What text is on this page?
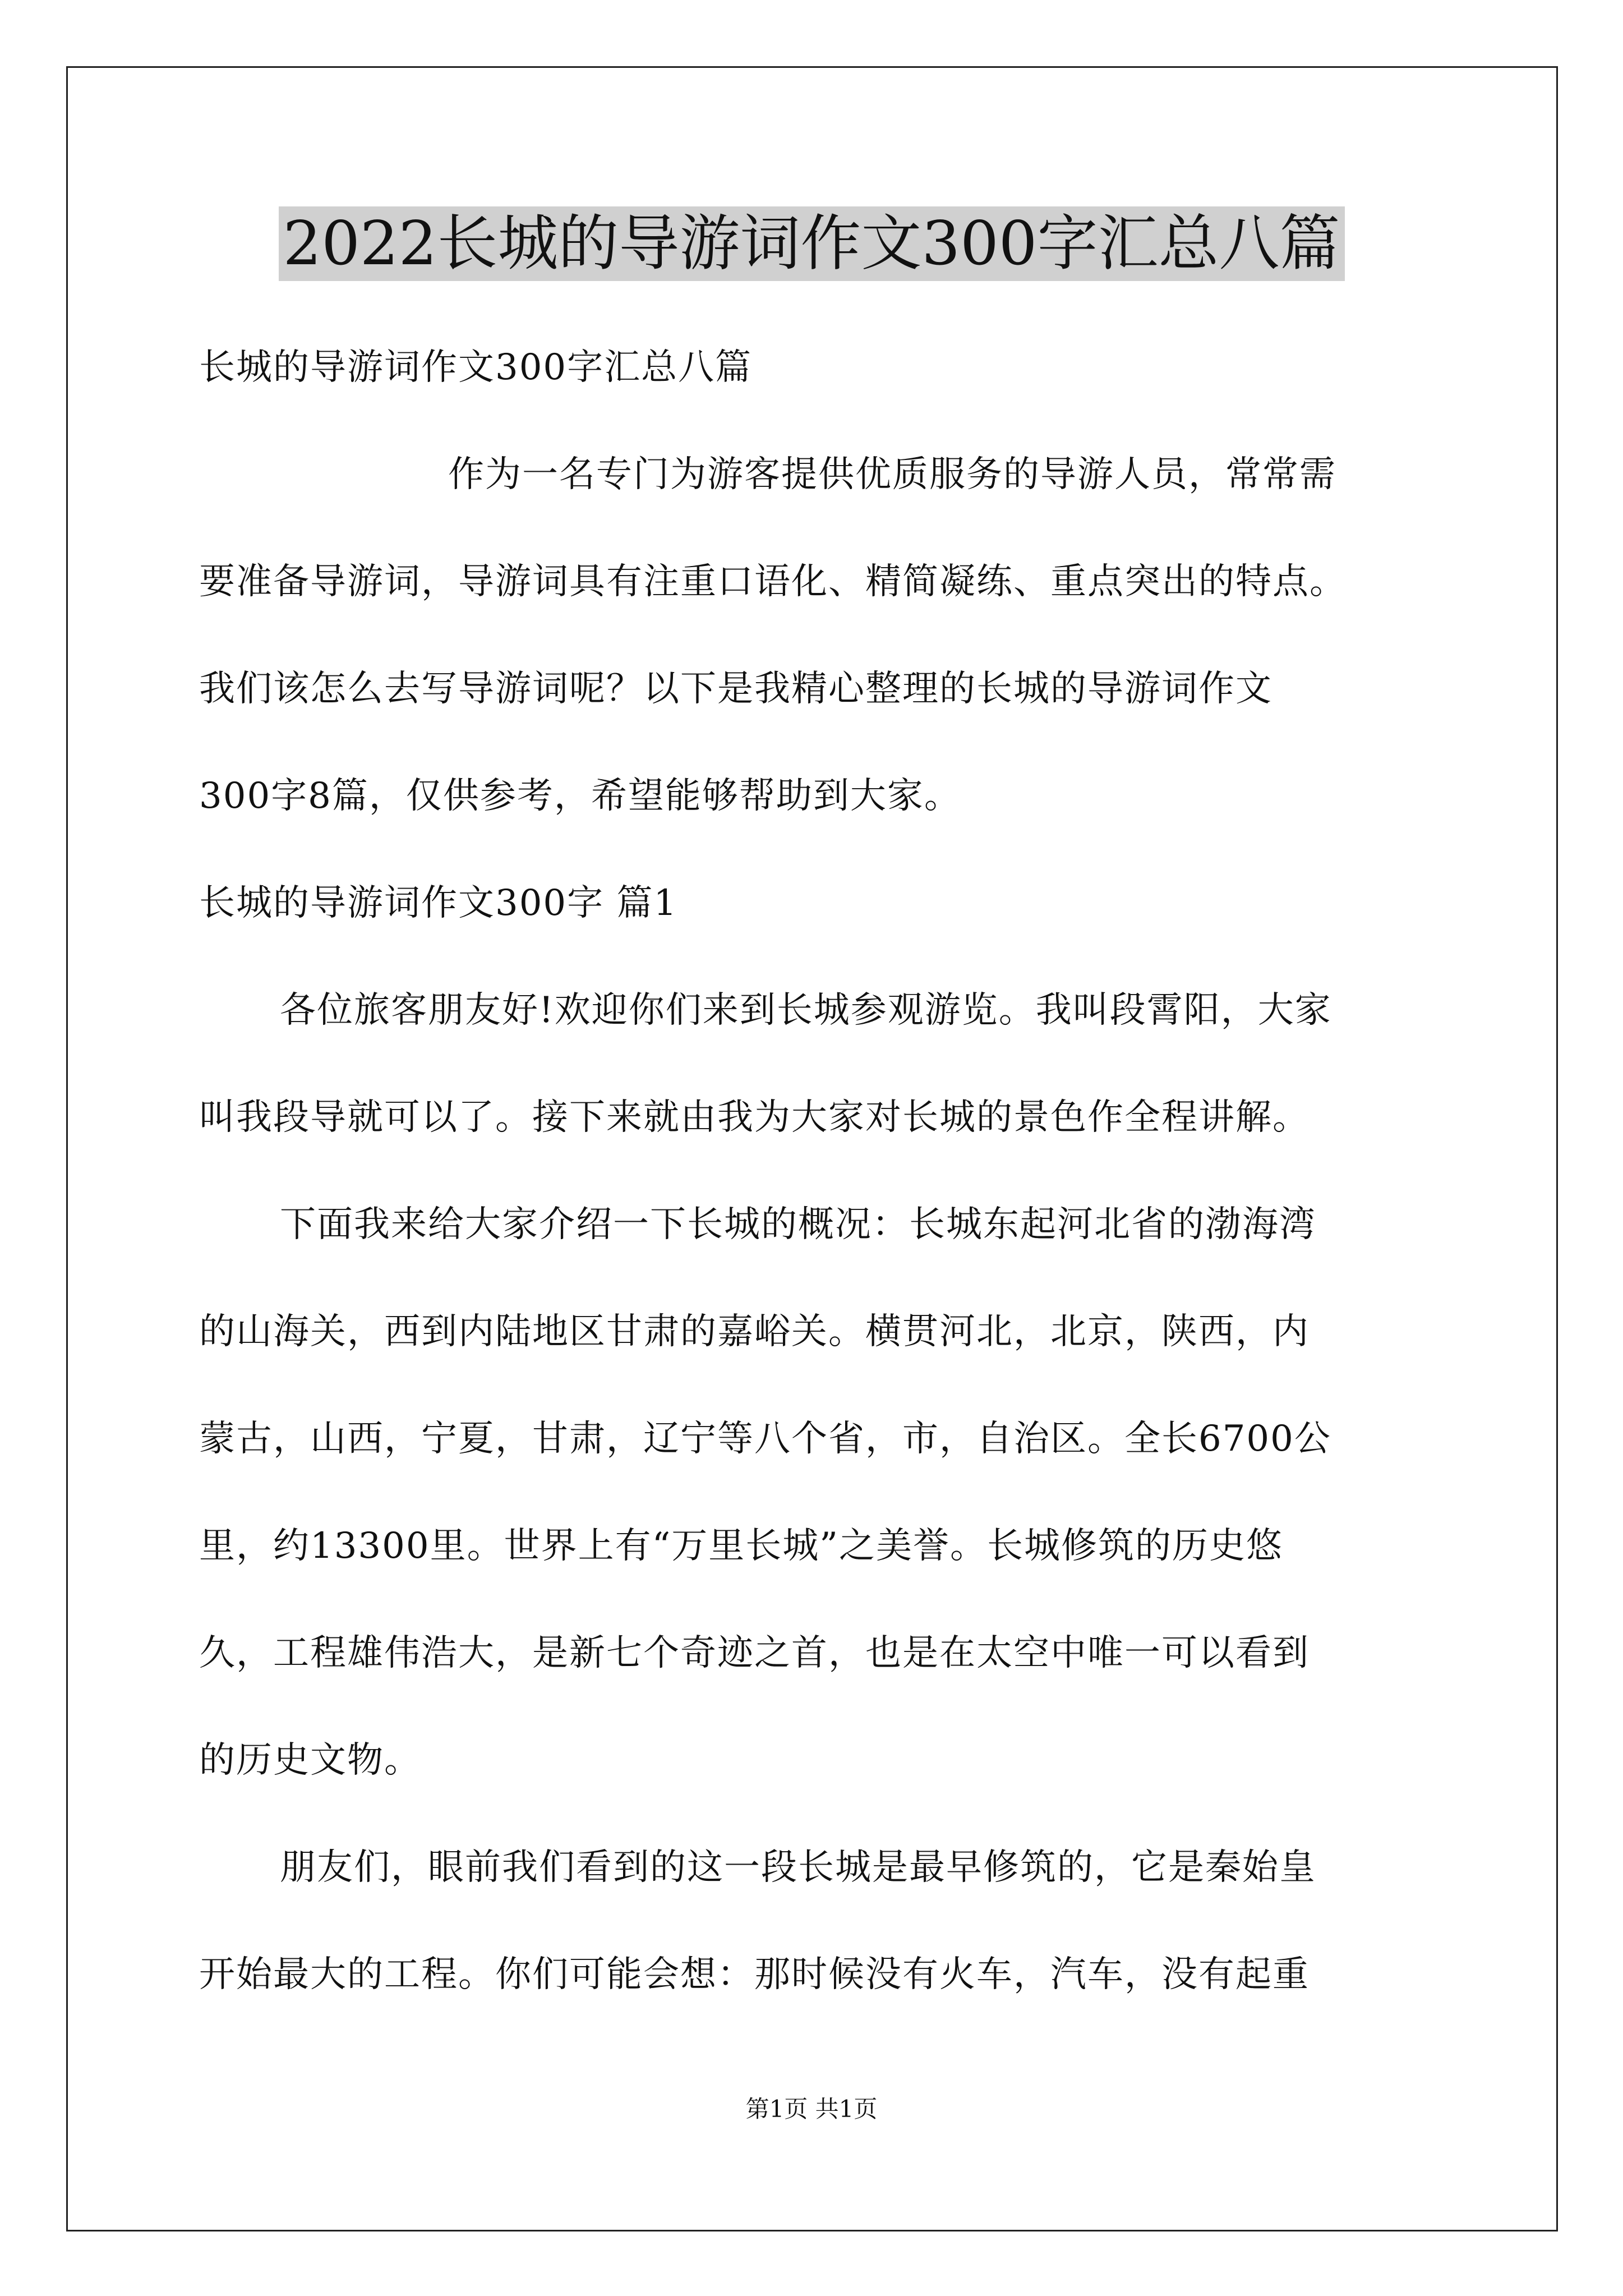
2022长城的导游词作文300字汇总八篇

长城的导游词作文300字汇总八篇

作为一名专门为游客提供优质服务的导游人员，常常需

要准备导游词，导游词具有注重口语化、精简凝练、重点突出的特点。

我们该怎么去写导游词呢？以下是我精心整理的长城的导游词作文

300字8篇，仅供参考，希望能够帮助到大家。

长城的导游词作文300字 篇1

各位旅客朋友好!欢迎你们来到长城参观游览。我叫段霄阳，大家

叫我段导就可以了。接下来就由我为大家对长城的景色作全程讲解。

下面我来给大家介绍一下长城的概况：长城东起河北省的渤海湾

的山海关，西到内陆地区甘肃的嘉峪关。横贯河北，北京，陕西，内

蒙古，山西，宁夏，甘肃，辽宁等八个省，市，自治区。全长6700公

里，约13300里。世界上有“万里长城”之美誉。长城修筑的历史悠

久，工程雄伟浩大，是新七个奇迹之首，也是在太空中唯一可以看到

的历史文物。

朋友们，眼前我们看到的这一段长城是最早修筑的，它是秦始皇

开始最大的工程。你们可能会想：那时候没有火车，汽车，没有起重

第1页 共1页
